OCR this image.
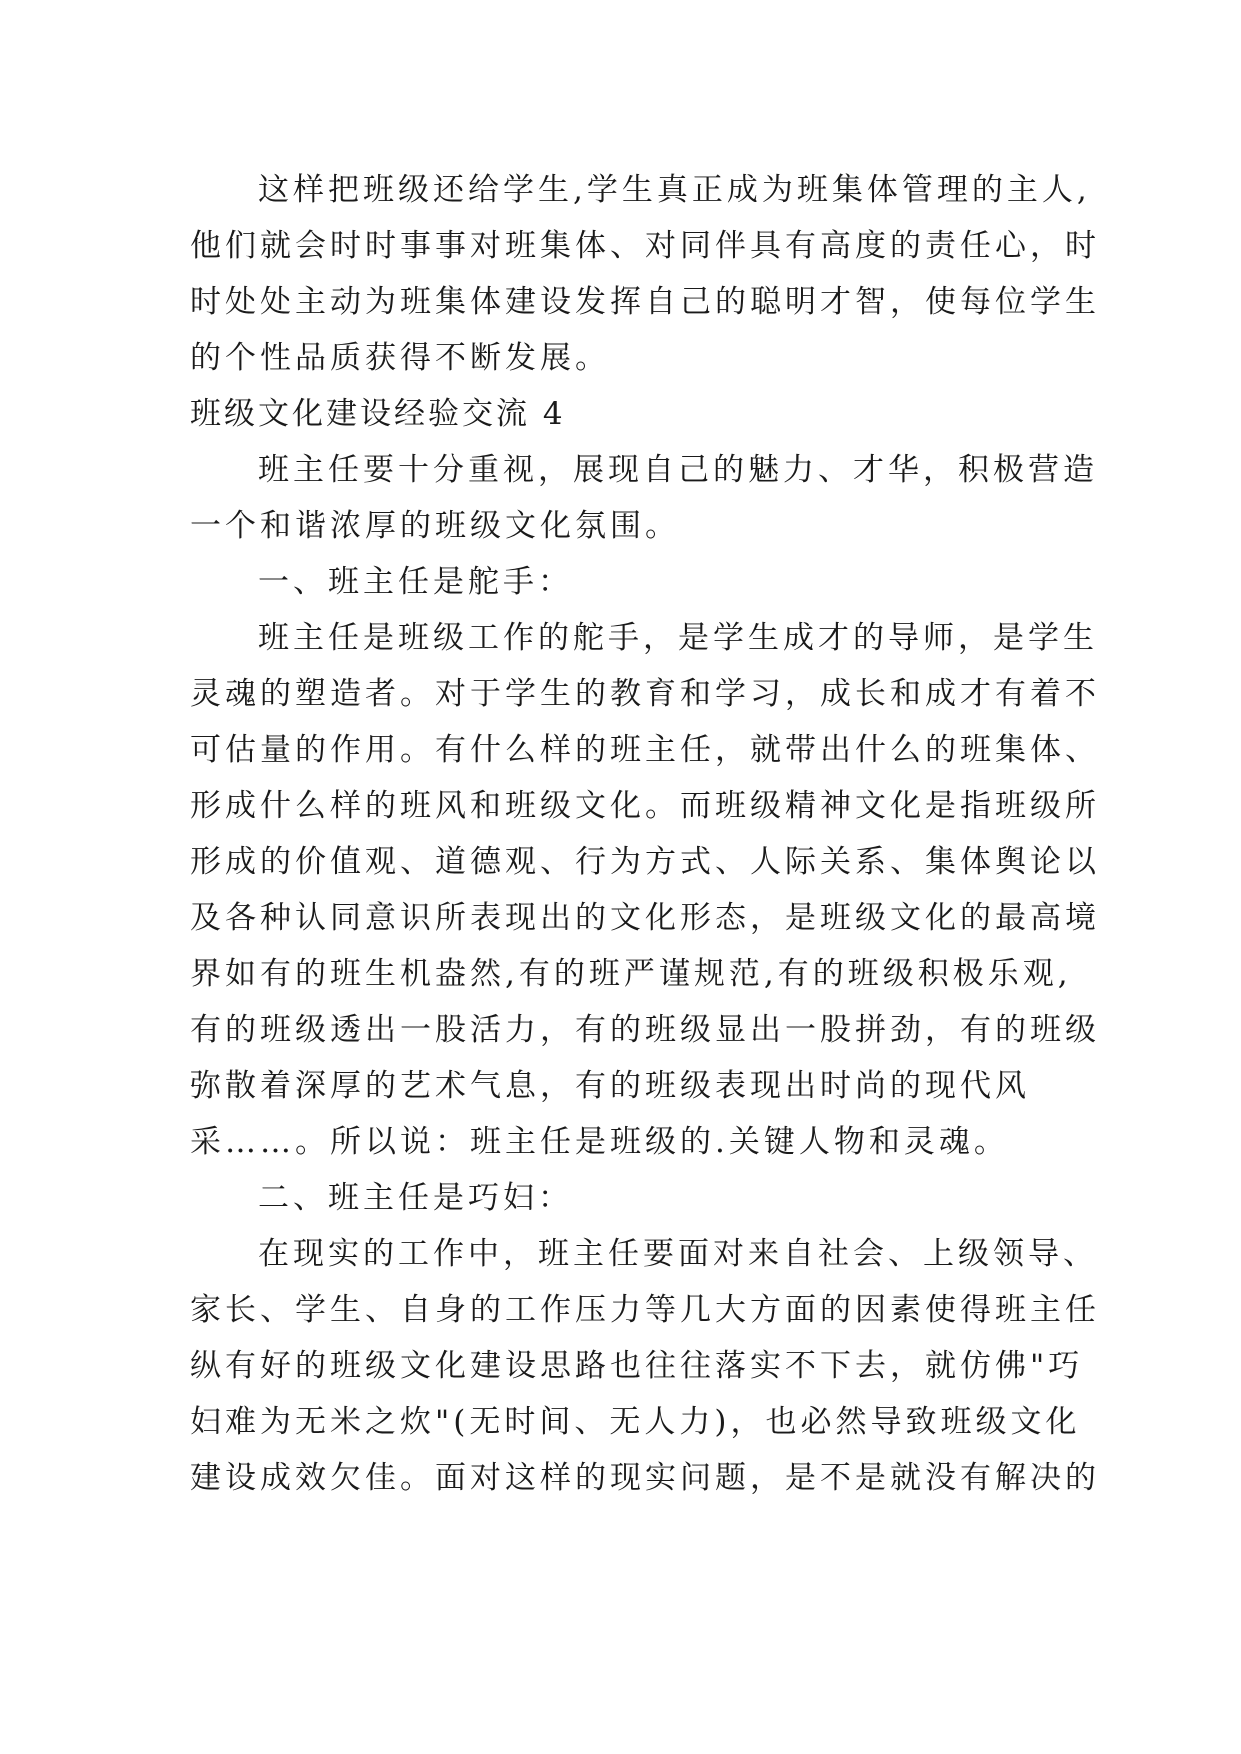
这样把班级还给学生,学生真正成为班集体管理的主人,
他们就会时时事事对班集体、对同伴具有高度的责任心，时
时处处主动为班集体建设发挥自己的聪明才智，使每位学生
的个性品质获得不断发展。
班级文化建设经验交流 4
班主任要十分重视，展现自己的魅力、才华，积极营造
一个和谐浓厚的班级文化氛围。
一、班主任是舵手：
班主任是班级工作的舵手，是学生成才的导师，是学生
灵魂的塑造者。对于学生的教育和学习，成长和成才有着不
可估量的作用。有什么样的班主任，就带出什么的班集体、
形成什么样的班风和班级文化。而班级精神文化是指班级所
形成的价值观、道德观、行为方式、人际关系、集体舆论以
及各种认同意识所表现出的文化形态，是班级文化的最高境
界如有的班生机盎然,有的班严谨规范,有的班级积极乐观,
有的班级透出一股活力，有的班级显出一股拼劲，有的班级
弥散着深厚的艺术气息，有的班级表现出时尚的现代风
采……。所以说：班主任是班级的.关键人物和灵魂。
二、班主任是巧妇：
在现实的工作中，班主任要面对来自社会、上级领导、
家长、学生、自身的工作压力等几大方面的因素使得班主任
纵有好的班级文化建设思路也往往落实不下去，就仿佛"巧
妇难为无米之炊"(无时间、无人力)，也必然导致班级文化
建设成效欠佳。面对这样的现实问题，是不是就没有解决的
